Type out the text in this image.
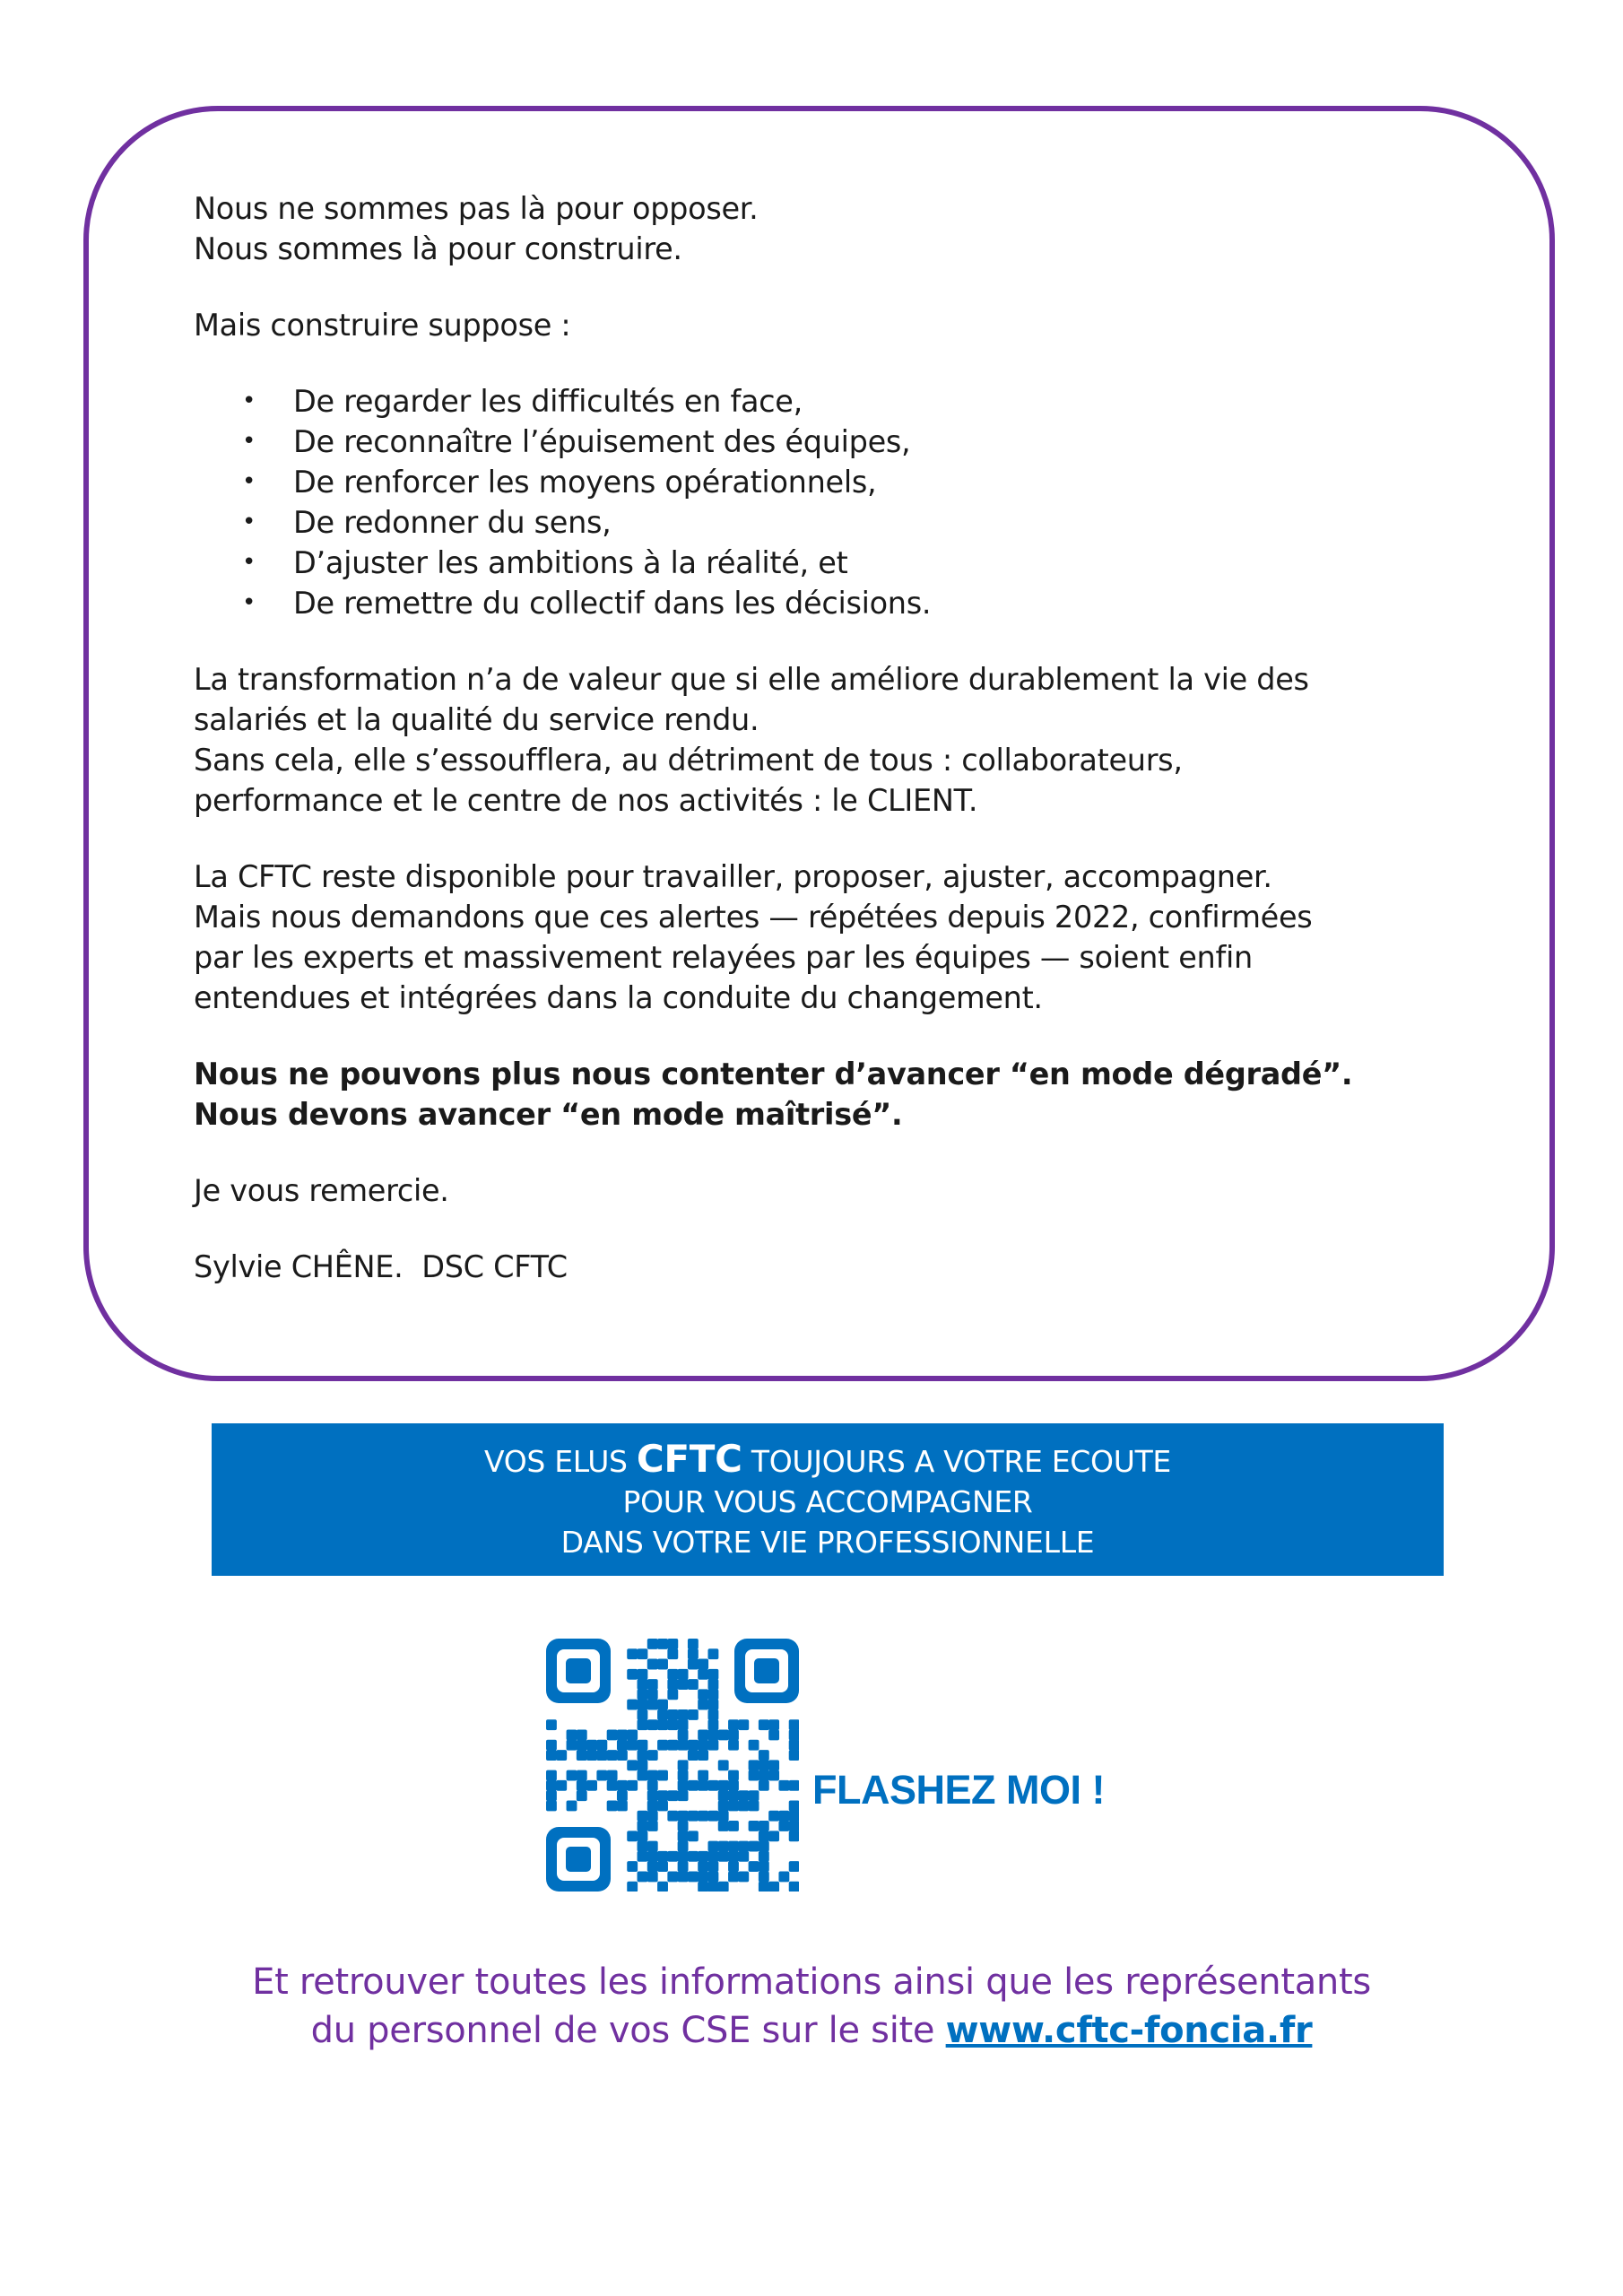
Nous ne sommes pas là pour opposer.

Nous sommes là pour construire.

Mais construire suppose :

• De regarder les difficultés en face,
• De reconnaître l’épuisement des équipes,
• De renforcer les moyens opérationnels,
• De redonner du sens,
• D’ajuster les ambitions à la réalité, et
• De remettre du collectif dans les décisions.

La transformation n’a de valeur que si elle améliore durablement la vie des

salariés et la qualité du service rendu.

Sans cela, elle s’essoufflera, au détriment de tous : collaborateurs,

performance et le centre de nos activités : le CLIENT.

La CFTC reste disponible pour travailler, proposer, ajuster, accompagner.

Mais nous demandons que ces alertes — répétées depuis 2022, confirmées

par les experts et massivement relayées par les équipes — soient enfin

entendues et intégrées dans la conduite du changement.

Nous ne pouvons plus nous contenter d’avancer “en mode dégradé”.

Nous devons avancer “en mode maîtrisé”.

Je vous remercie.

Sylvie CHÊNE.  DSC CFTC

VOS ELUS CFTC TOUJOURS A VOTRE ECOUTE
POUR VOUS ACCOMPAGNER
DANS VOTRE VIE PROFESSIONNELLE
FLASHEZ MOI !
Et retrouver toutes les informations ainsi que les représentants
du personnel de vos CSE sur le site www.cftc-foncia.fr
